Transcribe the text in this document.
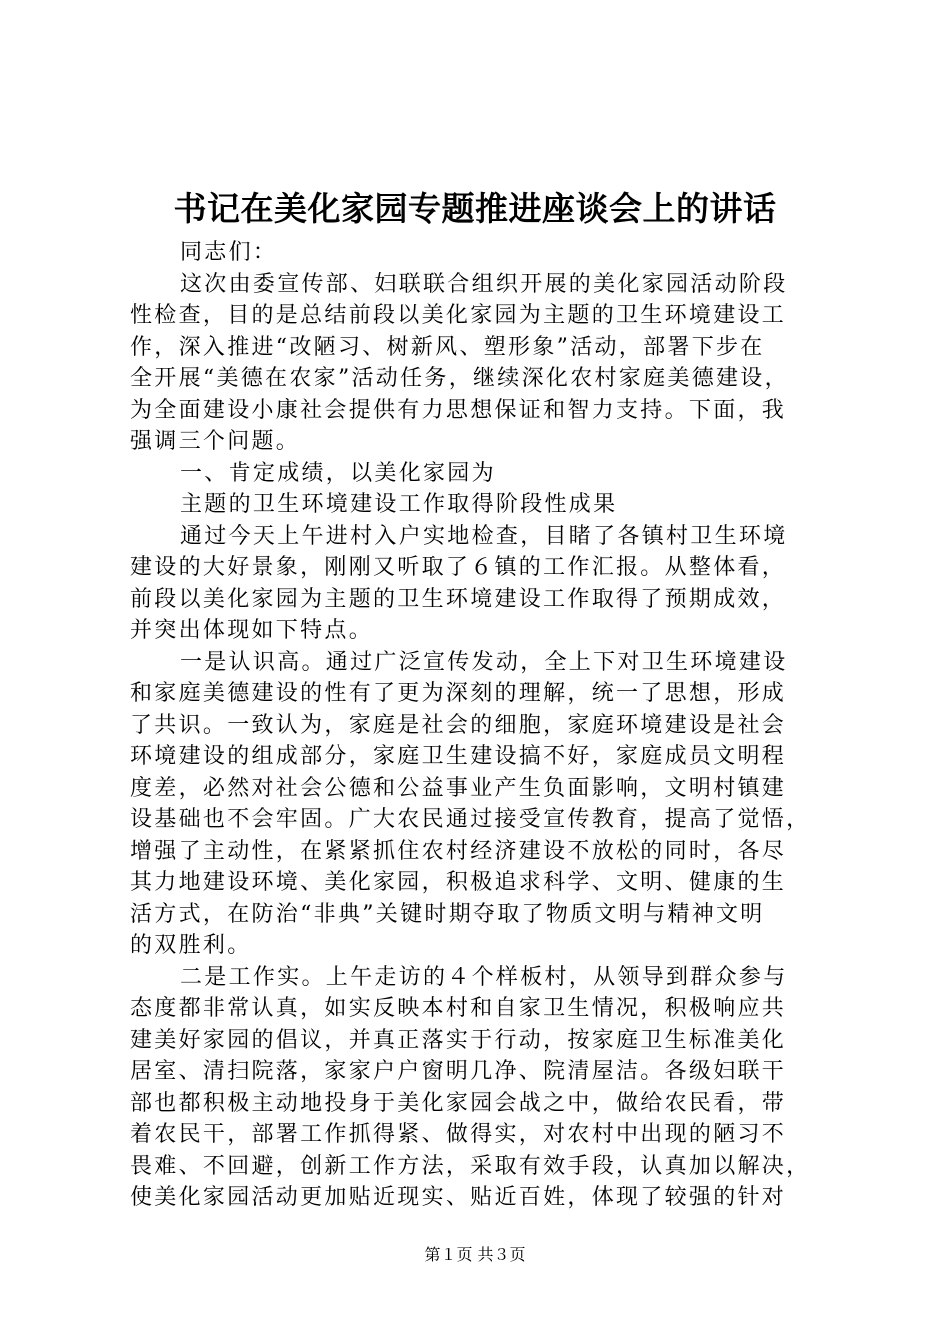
书记在美化家园专题推进座谈会上的讲话
同志们：
这次由委宣传部、妇联联合组织开展的美化家园活动阶段
性检查，目的是总结前段以美化家园为主题的卫生环境建设工
作，深入推进“改陋习、树新风、塑形象”活动，部署下步在
全开展“美德在农家”活动任务，继续深化农村家庭美德建设，
为全面建设小康社会提供有力思想保证和智力支持。下面，我
强调三个问题。
一、肯定成绩，以美化家园为
主题的卫生环境建设工作取得阶段性成果
通过今天上午进村入户实地检查，目睹了各镇村卫生环境
建设的大好景象，刚刚又听取了６镇的工作汇报。从整体看，
前段以美化家园为主题的卫生环境建设工作取得了预期成效，
并突出体现如下特点。
一是认识高。通过广泛宣传发动，全上下对卫生环境建设
和家庭美德建设的性有了更为深刻的理解，统一了思想，形成
了共识。一致认为，家庭是社会的细胞，家庭环境建设是社会
环境建设的组成部分，家庭卫生建设搞不好，家庭成员文明程
度差，必然对社会公德和公益事业产生负面影响，文明村镇建
设基础也不会牢固。广大农民通过接受宣传教育，提高了觉悟，
增强了主动性，在紧紧抓住农村经济建设不放松的同时，各尽
其力地建设环境、美化家园，积极追求科学、文明、健康的生
活方式，在防治“非典”关键时期夺取了物质文明与精神文明
的双胜利。
二是工作实。上午走访的４个样板村，从领导到群众参与
态度都非常认真，如实反映本村和自家卫生情况，积极响应共
建美好家园的倡议，并真正落实于行动，按家庭卫生标准美化
居室、清扫院落，家家户户窗明几净、院清屋洁。各级妇联干
部也都积极主动地投身于美化家园会战之中，做给农民看，带
着农民干，部署工作抓得紧、做得实，对农村中出现的陋习不
畏难、不回避，创新工作方法，采取有效手段，认真加以解决，
使美化家园活动更加贴近现实、贴近百姓，体现了较强的针对
第１页 共３页
